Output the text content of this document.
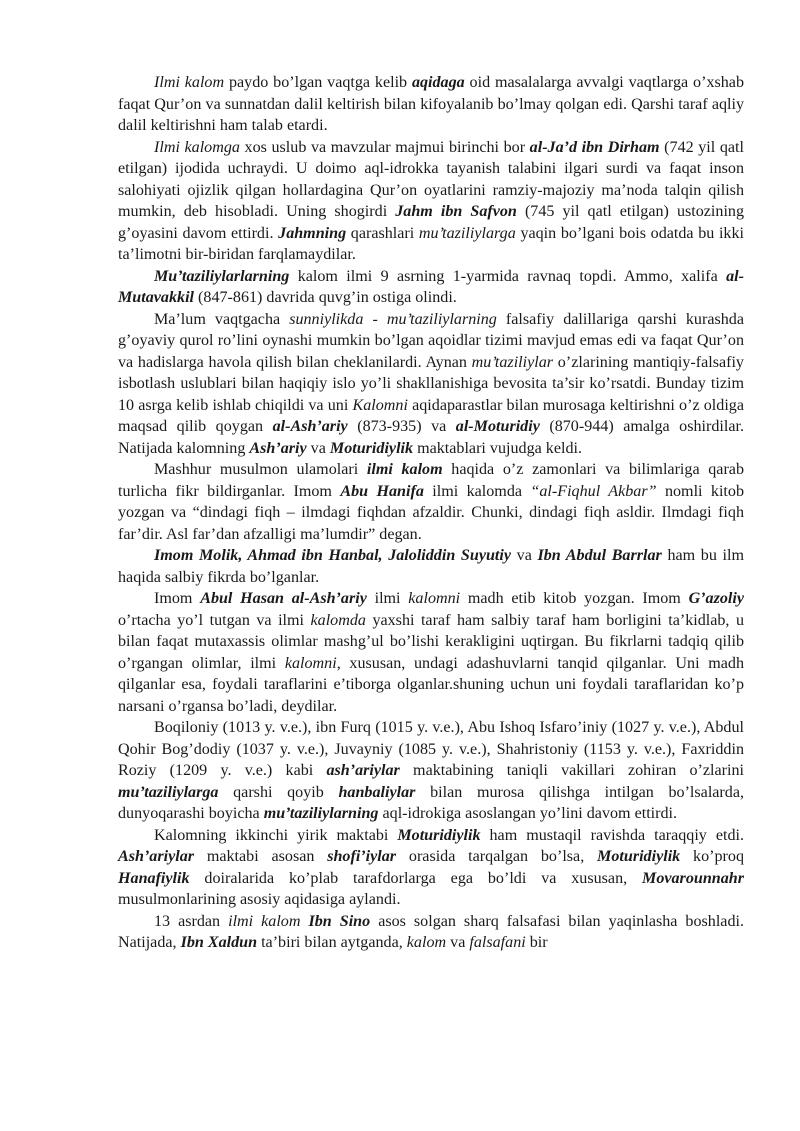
Ilmi kalom paydo bo’lgan vaqtga kelib aqidaga oid masalalarga avvalgi vaqtlarga o’xshab faqat Qur’on va sunnatdan dalil keltirish bilan kifoyalanib bo’lmay qolgan edi. Qarshi taraf aqliy dalil keltirishni ham talab etardi.

Ilmi kalomga xos uslub va mavzular majmui birinchi bor al-Ja’d ibn Dirham (742 yil qatl etilgan) ijodida uchraydi. U doimo aql-idrokka tayanish talabini ilgari surdi va faqat inson salohiyati ojizlik qilgan hollardagina Qur’on oyatlarini ramziy-majoziy ma’noda talqin qilish mumkin, deb hisobladi. Uning shogirdi Jahm ibn Safvon (745 yil qatl etilgan) ustozining g’oyasini davom ettirdi. Jahmning qarashlari mu’taziliylarga yaqin bo’lgani bois odatda bu ikki ta’limotni bir-biridan farqlamaydilar.

Mu’taziliylarlarning kalom ilmi 9 asrning 1-yarmida ravnaq topdi. Ammo, xalifa al-Mutavakkil (847-861) davrida quvg’in ostiga olindi.

Ma’lum vaqtgacha sunniylikda - mu’taziliylarning falsafiy dalillariga qarshi kurashda g’oyaviy qurol ro’lini oynashi mumkin bo’lgan aqoidlar tizimi mavjud emas edi va faqat Qur’on va hadislarga havola qilish bilan cheklanilardi. Aynan mu’taziliylar o’zlarining mantiqiy-falsafiy isbotlash uslublari bilan haqiqiy islo yo’li shakllanishiga bevosita ta’sir ko’rsatdi. Bunday tizim 10 asrga kelib ishlab chiqildi va uni Kalomni aqidaparastlar bilan murosaga keltirishni o’z oldiga maqsad qilib qoygan al-Ash’ariy (873-935) va al-Moturidiy (870-944) amalga oshirdilar. Natijada kalomning Ash’ariy va Moturidiylik maktablari vujudga keldi.

Mashhur musulmon ulamolari ilmi kalom haqida o’z zamonlari va bilimlariga qarab turlicha fikr bildirganlar. Imom Abu Hanifa ilmi kalomda “al-Fiqhul Akbar” nomli kitob yozgan va “dindagi fiqh – ilmdagi fiqhdan afzaldir. Chunki, dindagi fiqh asldir. Ilmdagi fiqh far’dir. Asl far’dan afzalligi ma’lumdir” degan.

Imom Molik, Ahmad ibn Hanbal, Jaloliddin Suyutiy va Ibn Abdul Barrlar ham bu ilm haqida salbiy fikrda bo’lganlar.

Imom Abul Hasan al-Ash’ariy ilmi kalomni madh etib kitob yozgan. Imom G’azoliy o’rtacha yo’l tutgan va ilmi kalomda yaxshi taraf ham salbiy taraf ham borligini ta’kidlab, u bilan faqat mutaxassis olimlar mashg’ul bo’lishi kerakligini uqtirgan. Bu fikrlarni tadqiq qilib o’rgangan olimlar, ilmi kalomni, xususan, undagi adashuvlarni tanqid qilganlar. Uni madh qilganlar esa, foydali taraflarini e’tiborga olganlar.shuning uchun uni foydali taraflaridan ko’p narsani o’rgansa bo’ladi, deydilar.

Boqiloniy (1013 y. v.e.), ibn Furq (1015 y. v.e.), Abu Ishoq Isfaro’iniy (1027 y. v.e.), Abdul Qohir Bog’dodiy (1037 y. v.e.), Juvayniy (1085 y. v.e.), Shahristoniy (1153 y. v.e.), Faxriddin Roziy (1209 y. v.e.) kabi ash’ariylar maktabining taniqli vakillari zohiran o’zlarini mu’taziliylarga qarshi qoyib hanbaliylar bilan murosa qilishga intilgan bo’lsalarda, dunyoqarashi boyicha mu’taziliylarning aql-idrokiga asoslangan yo’lini davom ettirdi.

Kalomning ikkinchi yirik maktabi Moturidiylik ham mustaqil ravishda taraqqiy etdi. Ash’ariylar maktabi asosan shofi’iylar orasida tarqalgan bo’lsa, Moturidiylik ko’proq Hanafiylik doiralarida ko’plab tarafdorlarga ega bo’ldi va xususan, Movarounnahr musulmonlarining asosiy aqidasiga aylandi.

13 asrdan ilmi kalom Ibn Sino asos solgan sharq falsafasi bilan yaqinlasha boshladi. Natijada, Ibn Xaldun ta’biri bilan aytganda, kalom va falsafani bir
